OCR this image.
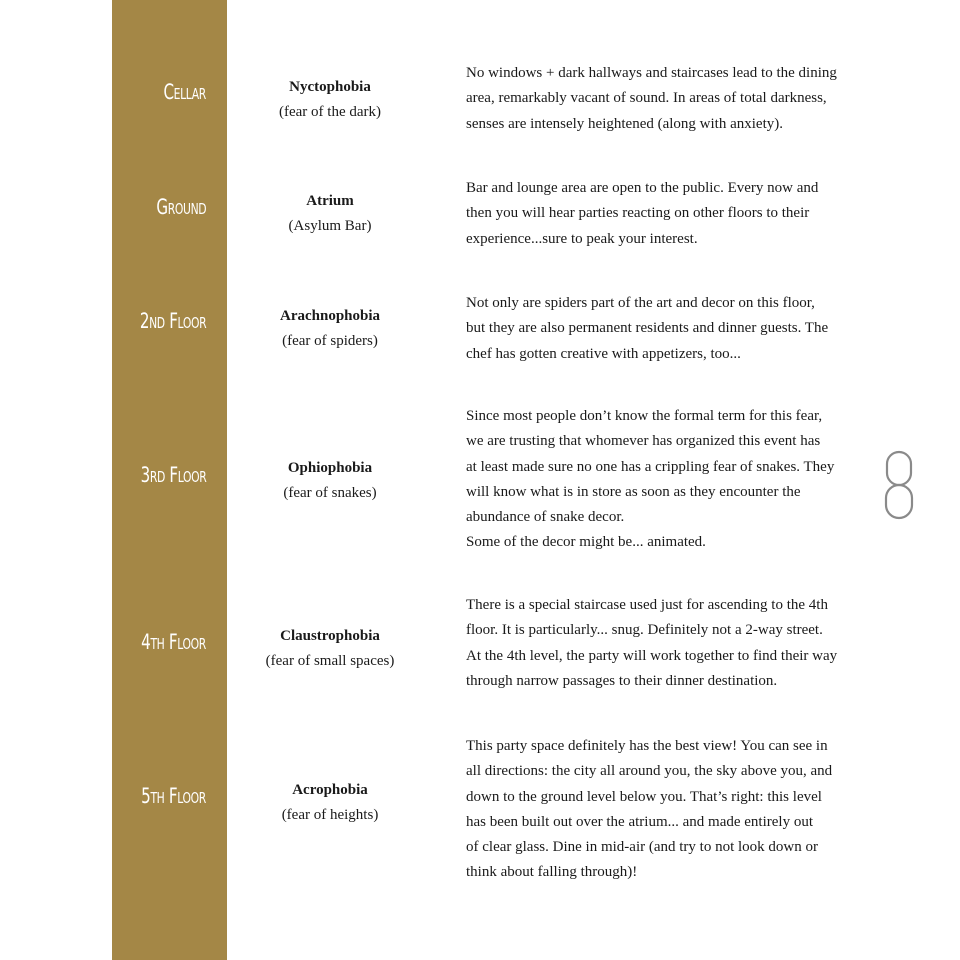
Cellar	Nyctophobia
(fear of the dark)

No windows + dark hallways and staircases lead to the dining

area, remarkably vacant of sound. In areas of total darkness,

senses are intensely heightened (along with anxiety).

Ground	Atrium
(Asylum Bar)

Bar and lounge area are open to the public. Every now and

then you will hear parties reacting on other floors to their

experience...sure to peak your interest.

2nd Floor	Arachnophobia
(fear of spiders)

Not only are spiders part of the art and decor on this floor,

but they are also permanent residents and dinner guests. The

chef has gotten creative with appetizers, too...

3rd Floor	Ophiophobia
(fear of snakes)

Since most people don’t know the formal term for this fear,

we are trusting that whomever has organized this event has

at least made sure no one has a crippling fear of snakes. They

will know what is in store as soon as they encounter the

abundance of snake decor.

Some of the decor might be... animated.

4th Floor	Claustrophobia
(fear of small spaces)

There is a special staircase used just for ascending to the 4th

floor. It is particularly... snug. Definitely not a 2-way street.

At the 4th level, the party will work together to find their way

through narrow passages to their dinner destination.

5th Floor	Acrophobia
(fear of heights)

This party space definitely has the best view! You can see in

all directions: the city all around you, the sky above you, and

down to the ground level below you. That’s right: this level

has been built out over the atrium... and made entirely out

of clear glass. Dine in mid-air (and try to not look down or

think about falling through)!
